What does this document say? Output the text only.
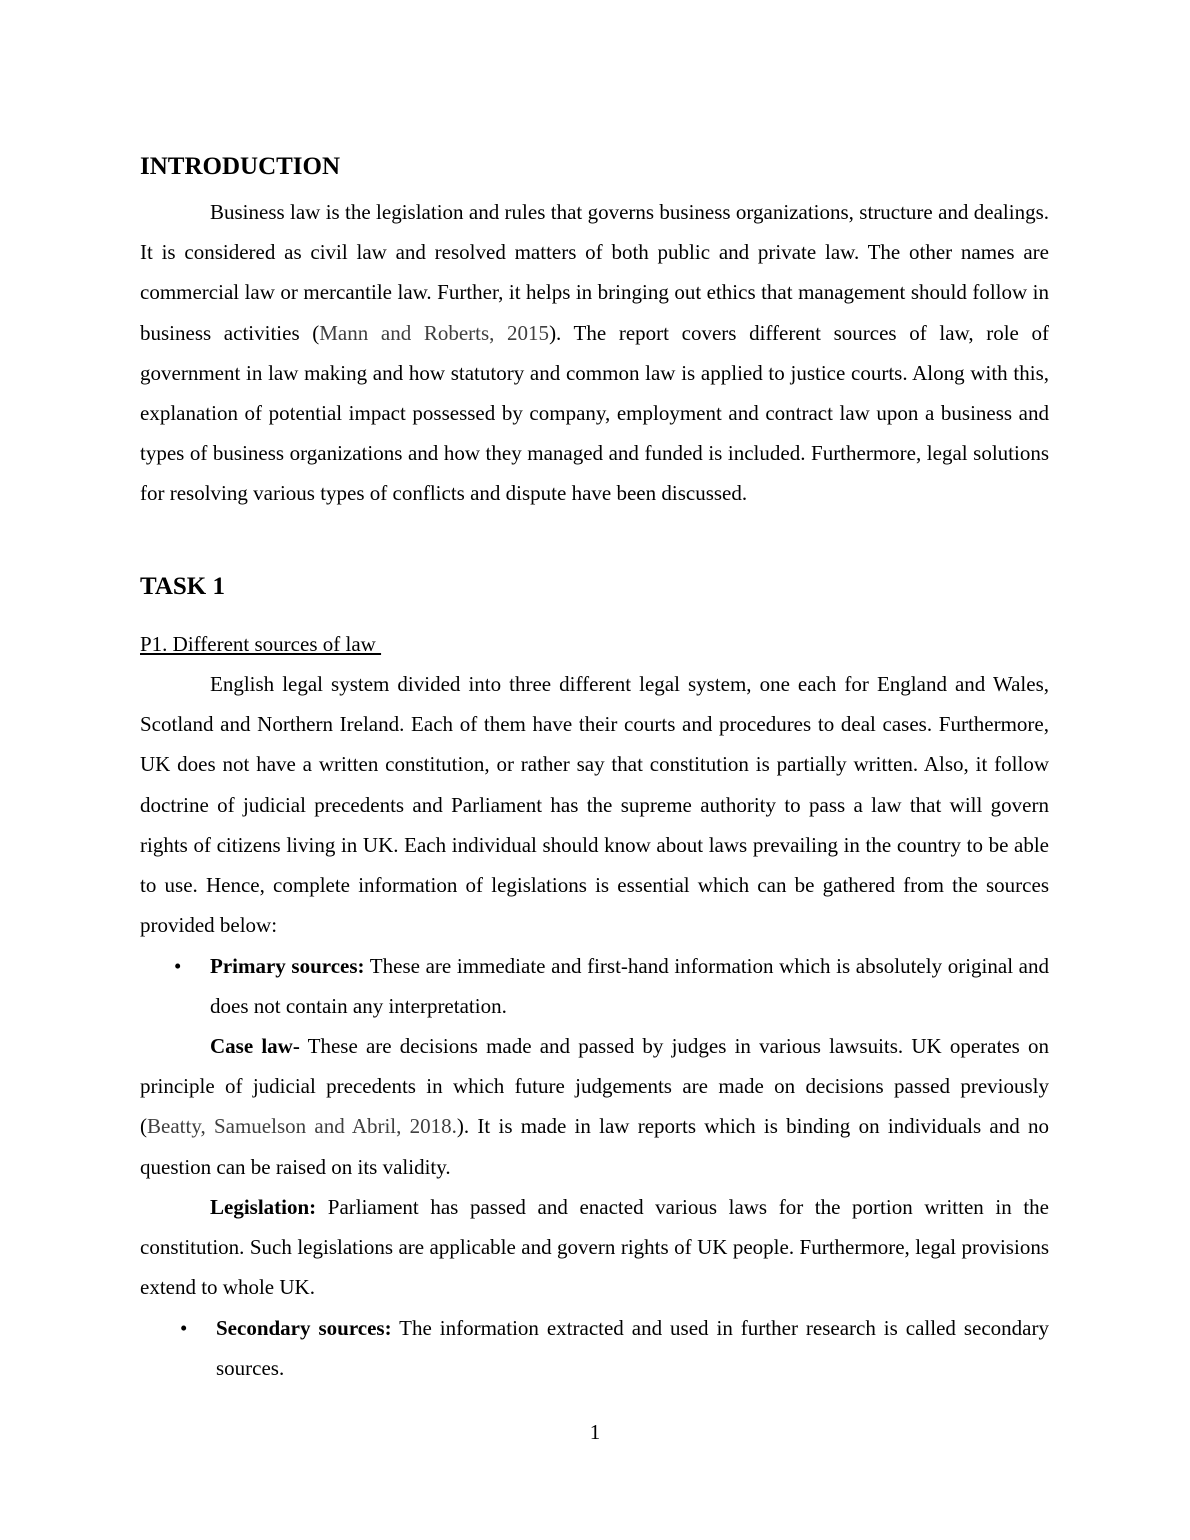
INTRODUCTION

Business law is the legislation and rules that governs business organizations, structure and dealings. It is considered as civil law and resolved matters of both public and private law. The other names are commercial law or mercantile law. Further, it helps in bringing out ethics that management should follow in business activities (Mann and Roberts, 2015). The report covers different sources of law, role of government in law making and how statutory and common law is applied to justice courts. Along with this, explanation of potential impact possessed by company, employment and contract law upon a business and types of business organizations and how they managed and funded is included. Furthermore, legal solutions for resolving various types of conflicts and dispute have been discussed.

TASK 1

P1. Different sources of law

English legal system divided into three different legal system, one each for England and Wales, Scotland and Northern Ireland. Each of them have their courts and procedures to deal cases. Furthermore, UK does not have a written constitution, or rather say that constitution is partially written. Also, it follow doctrine of judicial precedents and Parliament has the supreme authority to pass a law that will govern rights of citizens living in UK. Each individual should know about laws prevailing in the country to be able to use. Hence, complete information of legislations is essential which can be gathered from the sources provided below:

• Primary sources: These are immediate and first-hand information which is absolutely original and does not contain any interpretation.

Case law- These are decisions made and passed by judges in various lawsuits. UK operates on principle of judicial precedents in which future judgements are made on decisions passed previously (Beatty, Samuelson and Abril, 2018.). It is made in law reports which is binding on individuals and no question can be raised on its validity.

Legislation: Parliament has passed and enacted various laws for the portion written in the constitution. Such legislations are applicable and govern rights of UK people. Furthermore, legal provisions extend to whole UK.

• Secondary sources: The information extracted and used in further research is called secondary sources.

1
